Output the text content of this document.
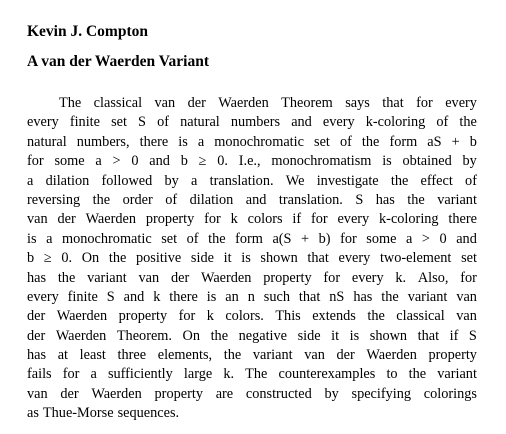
Kevin J. Compton

A van der Waerden Variant

The classical van der Waerden Theorem says that for every
every finite set S of natural numbers and every k-coloring of the
natural numbers, there is a monochromatic set of the form aS + b
for some a > 0 and b ≥ 0. I.e., monochromatism is obtained by
a dilation followed by a translation. We investigate the effect of
reversing the order of dilation and translation. S has the variant
van der Waerden property for k colors if for every k-coloring there
is a monochromatic set of the form a(S + b) for some a > 0 and
b ≥ 0. On the positive side it is shown that every two-element set
has the variant van der Waerden property for every k. Also, for
every finite S and k there is an n such that nS has the variant van
der Waerden property for k colors. This extends the classical van
der Waerden Theorem. On the negative side it is shown that if S
has at least three elements, the variant van der Waerden property
fails for a sufficiently large k. The counterexamples to the variant
van der Waerden property are constructed by specifying colorings
as Thue-Morse sequences.
